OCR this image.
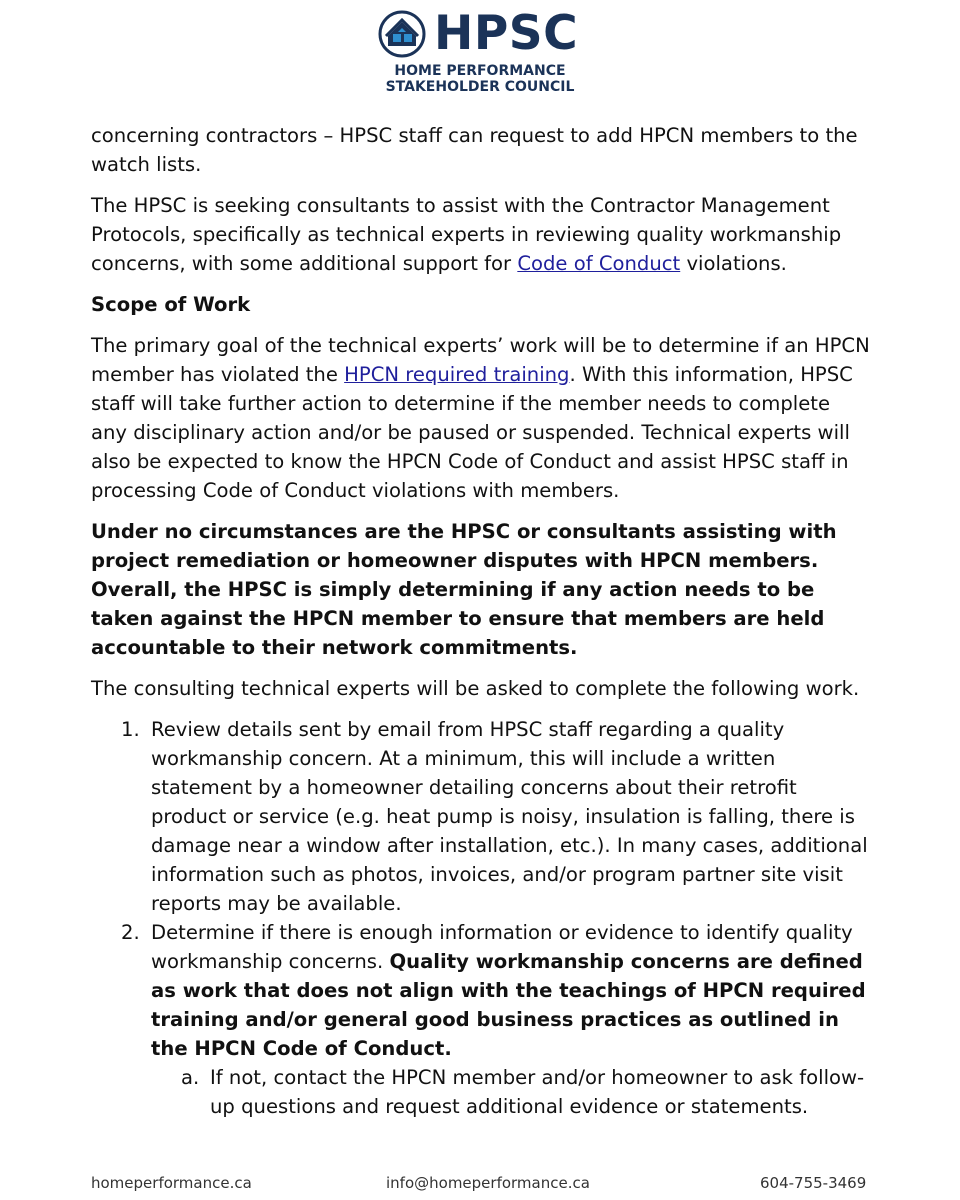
HPSC
HOME PERFORMANCE
STAKEHOLDER COUNCIL

concerning contractors – HPSC staff can request to add HPCN members to the watch lists.

The HPSC is seeking consultants to assist with the Contractor Management Protocols, specifically as technical experts in reviewing quality workmanship concerns, with some additional support for Code of Conduct violations.

Scope of Work

The primary goal of the technical experts’ work will be to determine if an HPCN member has violated the HPCN required training. With this information, HPSC staff will take further action to determine if the member needs to complete any disciplinary action and/or be paused or suspended. Technical experts will also be expected to know the HPCN Code of Conduct and assist HPSC staff in processing Code of Conduct violations with members.

Under no circumstances are the HPSC or consultants assisting with project remediation or homeowner disputes with HPCN members. Overall, the HPSC is simply determining if any action needs to be taken against the HPCN member to ensure that members are held accountable to their network commitments.

The consulting technical experts will be asked to complete the following work.

1. Review details sent by email from HPSC staff regarding a quality workmanship concern. At a minimum, this will include a written statement by a homeowner detailing concerns about their retrofit product or service (e.g. heat pump is noisy, insulation is falling, there is damage near a window after installation, etc.). In many cases, additional information such as photos, invoices, and/or program partner site visit reports may be available.
2. Determine if there is enough information or evidence to identify quality workmanship concerns. Quality workmanship concerns are defined as work that does not align with the teachings of HPCN required training and/or general good business practices as outlined in the HPCN Code of Conduct.
a. If not, contact the HPCN member and/or homeowner to ask follow-up questions and request additional evidence or statements.
homeperformance.ca	info@homeperformance.ca	604-755-3469
